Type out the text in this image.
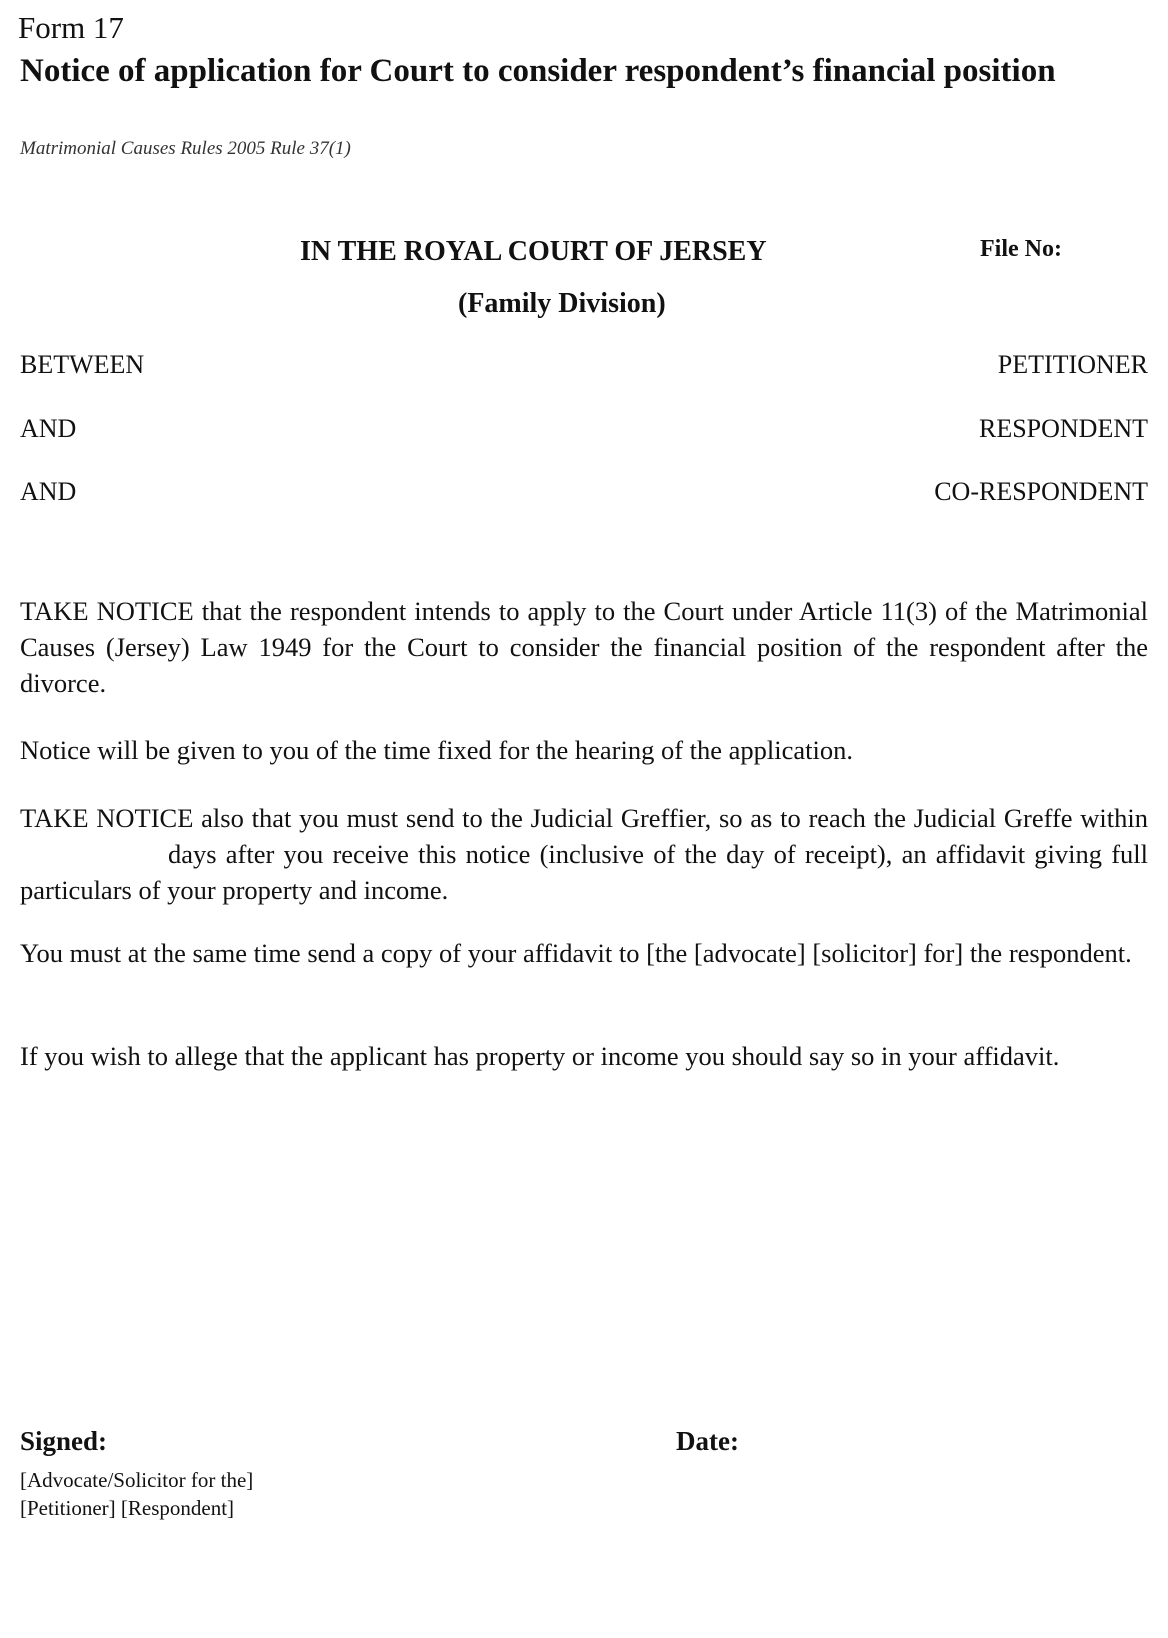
Form 17
Notice of application for Court to consider respondent’s financial position
Matrimonial Causes Rules 2005 Rule 37(1)
IN THE ROYAL COURT OF JERSEY	File No:
(Family Division)
BETWEEN	PETITIONER
AND	RESPONDENT
AND	CO-RESPONDENT

TAKE NOTICE that the respondent intends to apply to the Court under Article 11(3) of the Matrimonial Causes (Jersey) Law 1949 for the Court to consider the financial position of the respondent after the divorce.

Notice will be given to you of the time fixed for the hearing of the application.

TAKE NOTICE also that you must send to the Judicial Greffier, so as to reach the Judicial Greffe withindays after you receive this notice (inclusive of the day of receipt), an affidavit giving full particulars of your property and income.

You must at the same time send a copy of your affidavit to [the [advocate] [solicitor] for] the respondent.

If you wish to allege that the applicant has property or income you should say so in your affidavit.

Signed:	Date:
[Advocate/Solicitor for the]
[Petitioner] [Respondent]
